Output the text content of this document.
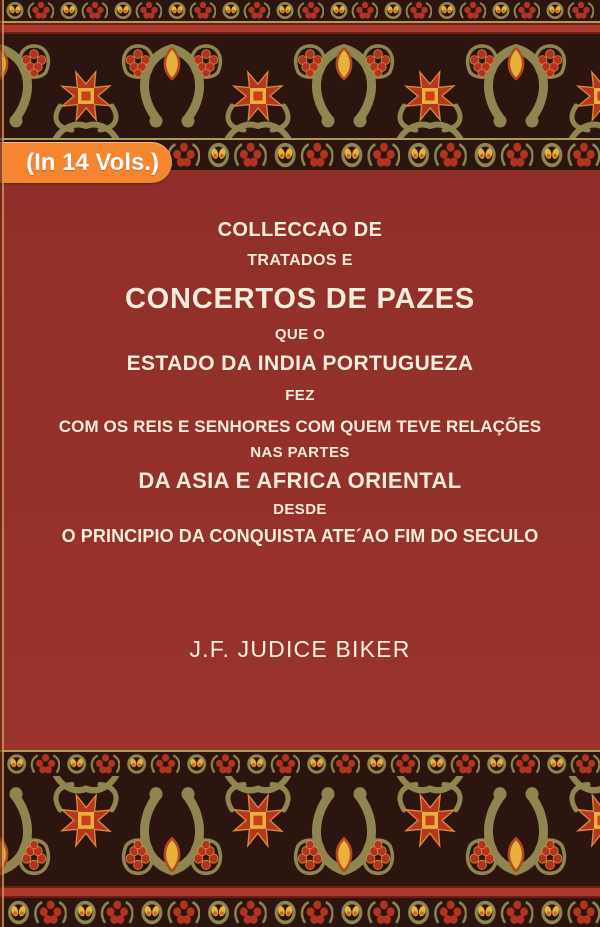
(In 14 Vols.)
COLLECCAO DE
TRATADOS E
CONCERTOS DE PAZES
QUE O
ESTADO DA INDIA PORTUGUEZA
FEZ
COM OS REIS E SENHORES COM QUEM TEVE RELAÇÕES
NAS PARTES
DA ASIA E AFRICA ORIENTAL
DESDE
O PRINCIPIO DA CONQUISTA ATE´AO FIM DO SECULO
J.F. JUDICE BIKER
